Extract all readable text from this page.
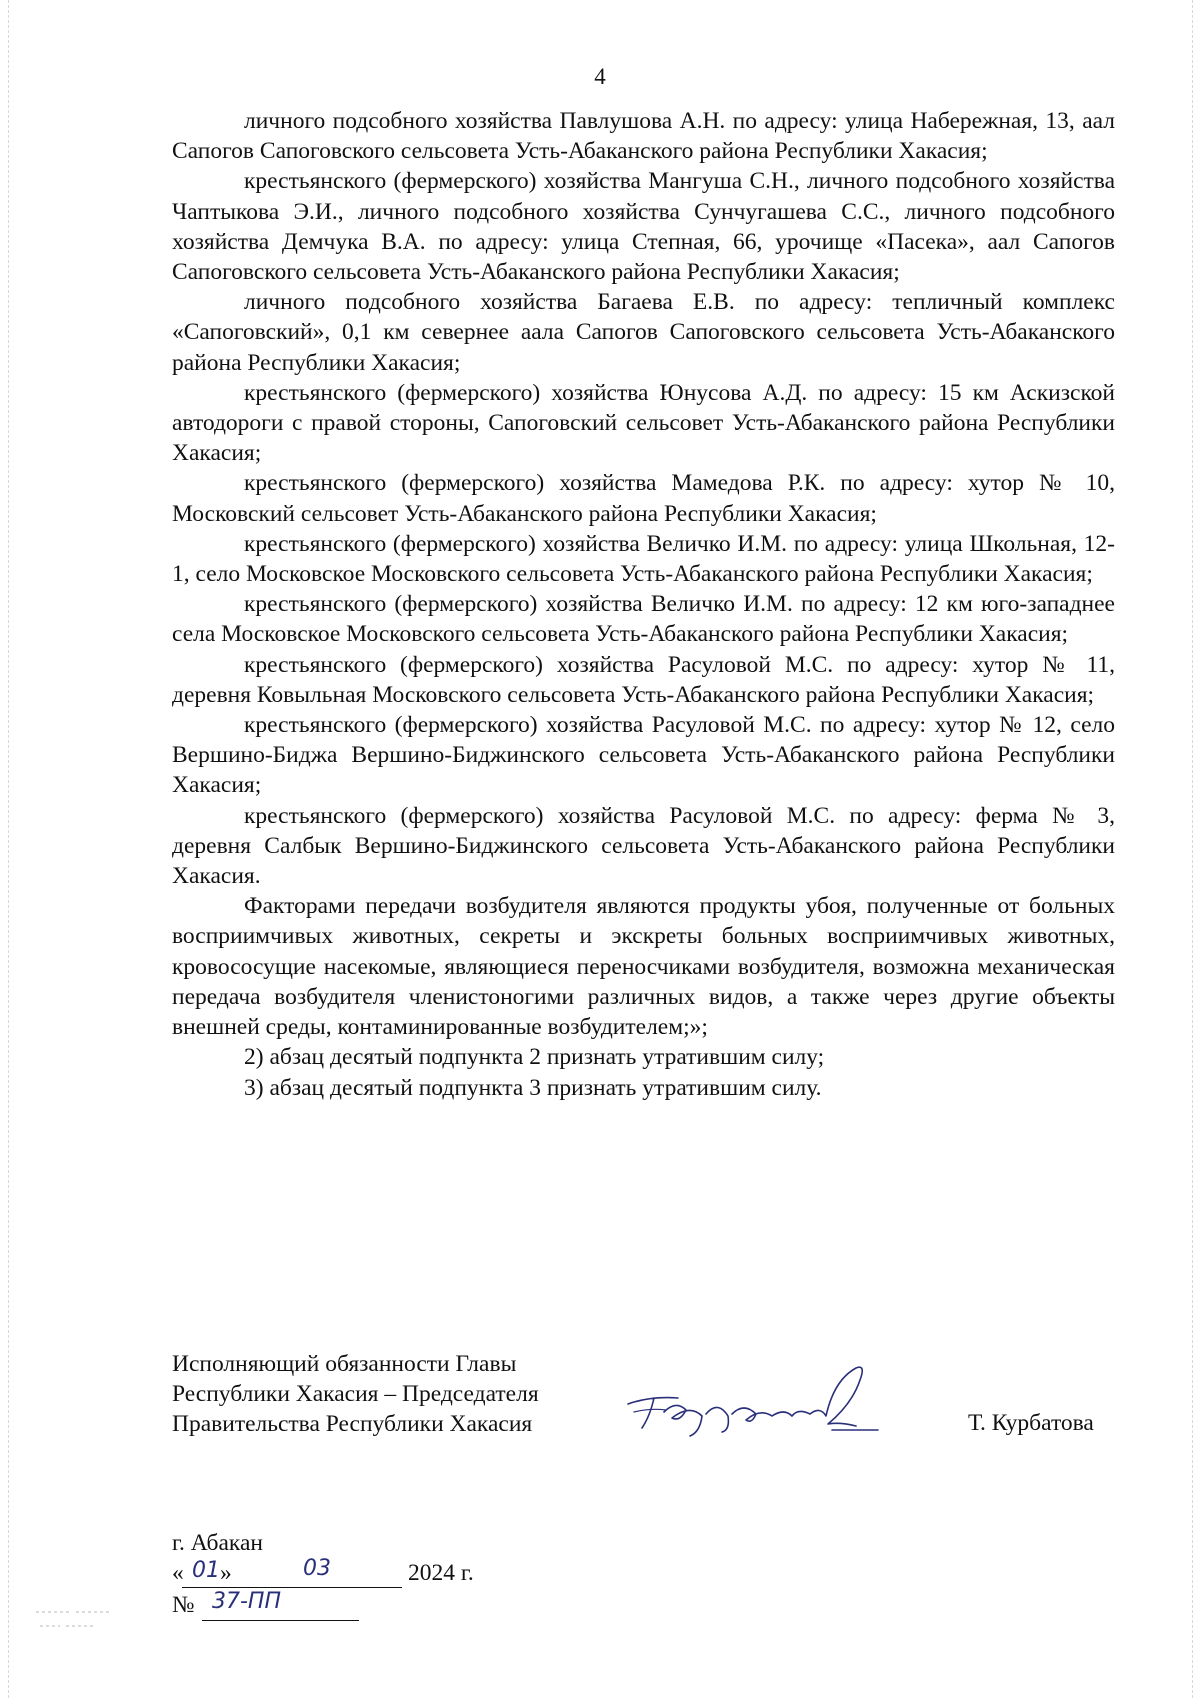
4

личного подсобного хозяйства Павлушова А.Н. по адресу: улица Набережная, 13, аал Сапогов Сапоговского сельсовета Усть-Абаканского района Республики Хакасия;

крестьянского (фермерского) хозяйства Мангуша С.Н., личного подсобного хозяйства Чаптыкова Э.И., личного подсобного хозяйства Сунчугашева С.С., личного подсобного хозяйства Демчука В.А. по адресу: улица Степная, 66, урочище «Пасека», аал Сапогов Сапоговского сельсовета Усть-Абаканского района Республики Хакасия;

личного подсобного хозяйства Багаева Е.В. по адресу: тепличный комплекс «Сапоговский», 0,1 км севернее аала Сапогов Сапоговского сельсовета Усть-Абаканского района Республики Хакасия;

крестьянского (фермерского) хозяйства Юнусова А.Д. по адресу: 15 км Аскизской автодороги с правой стороны, Сапоговский сельсовет Усть-Абаканского района Республики Хакасия;

крестьянского (фермерского) хозяйства Мамедова Р.К. по адресу: хутор № 10, Московский сельсовет Усть-Абаканского района Республики Хакасия;

крестьянского (фермерского) хозяйства Величко И.М. по адресу: улица Школьная, 12-1, село Московское Московского сельсовета Усть-Абаканского района Республики Хакасия;

крестьянского (фермерского) хозяйства Величко И.М. по адресу: 12 км юго-западнее села Московское Московского сельсовета Усть-Абаканского района Республики Хакасия;

крестьянского (фермерского) хозяйства Расуловой М.С. по адресу: хутор № 11, деревня Ковыльная Московского сельсовета Усть-Абаканского района Республики Хакасия;

крестьянского (фермерского) хозяйства Расуловой М.С. по адресу: хутор № 12, село Вершино-Биджа Вершино-Биджинского сельсовета Усть-Абаканского района Республики Хакасия;

крестьянского (фермерского) хозяйства Расуловой М.С. по адресу: ферма № 3, деревня Салбык Вершино-Биджинского сельсовета Усть-Абаканского района Республики Хакасия.

Факторами передачи возбудителя являются продукты убоя, полученные от больных восприимчивых животных, секреты и экскреты больных восприимчивых животных, кровососущие насекомые, являющиеся переносчиками возбудителя, возможна механическая передача возбудителя членистоногими различных видов, а также через другие объекты внешней среды, контаминированные возбудителем;»;

2) абзац десятый подпункта 2 признать утратившим силу;

3) абзац десятый подпункта 3 признать утратившим силу.

Исполняющий обязанности Главы
Республики Хакасия – Председателя
Правительства Республики Хакасия	Т. Курбатова
г. Абакан
« 01 »	03	2024 г.
№ 37-ПП
